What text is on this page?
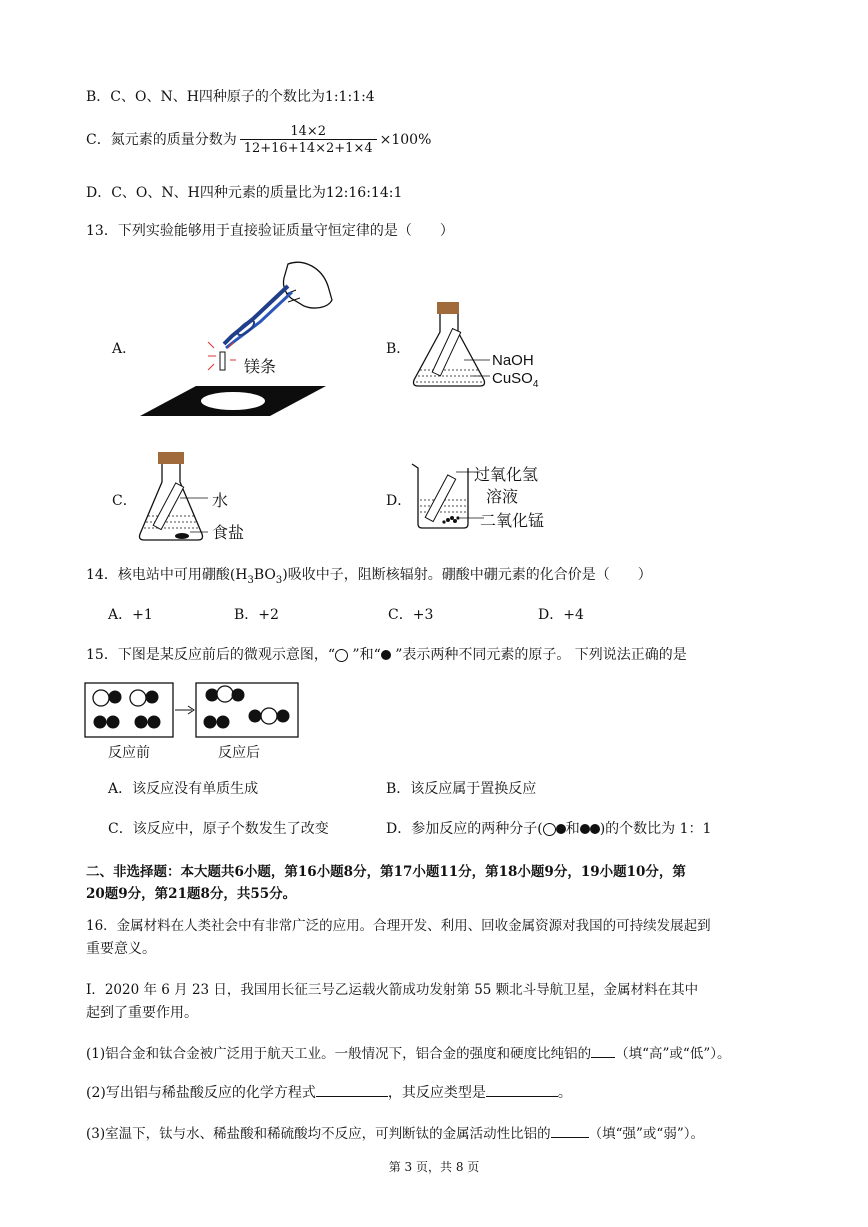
B．C、O、N、H四种原子的个数比为1:1:1:4
C．氮元素的质量分数为 $\frac{14\times 2}{12+16+14\times 2+1\times 4} \times 100\%$
D．C、O、N、H四种元素的质量比为12:16:14:1
13．下列实验能够用于直接验证质量守恒定律的是（　　）
A．
镁条
B．
NaOH
CuSO$_4$
C．	水
食盐
D．
过氧化氢
溶液
二氧化锰
14．核电站中可用硼酸$(H_3BO_3)$吸收中子，阻断核辐射。硼酸中硼元素的化合价是（　　）
A．+1	B．+2	C．+3	D．+4
15．下图是某反应前后的微观示意图，“ ”和“ ”表示两种不同元素的原子。 下列说法正确的是
反应前	反应后
A．该反应没有单质生成	B．该反应属于置换反应
C．该反应中，原子个数发生了改变	D．参加反应的两种分子( 和 )的个数比为 1：1
二、非选择题：本大题共6小题，第16小题8分，第17小题11分，第18小题9分，19小题10分，第
20题9分，第21题8分，共55分。
16．金属材料在人类社会中有非常广泛的应用。合理开发、利用、回收金属资源对我国的可持续发展起到
重要意义。
Ⅰ．2020 年 6 月 23 日，我国用长征三号乙运载火箭成功发射第 55 颗北斗导航卫星，金属材料在其中
起到了重要作用。
(1)铝合金和钛合金被广泛用于航天工业。一般情况下，铝合金的强度和硬度比纯铝的 （填“高”或“低”）。
(2)写出铝与稀盐酸反应的化学方程式	，其反应类型是	。
(3)室温下，钛与水、稀盐酸和稀硫酸均不反应，可判断钛的金属活动性比铝的	（填“强”或“弱”）。
第 3 页，共 8 页
